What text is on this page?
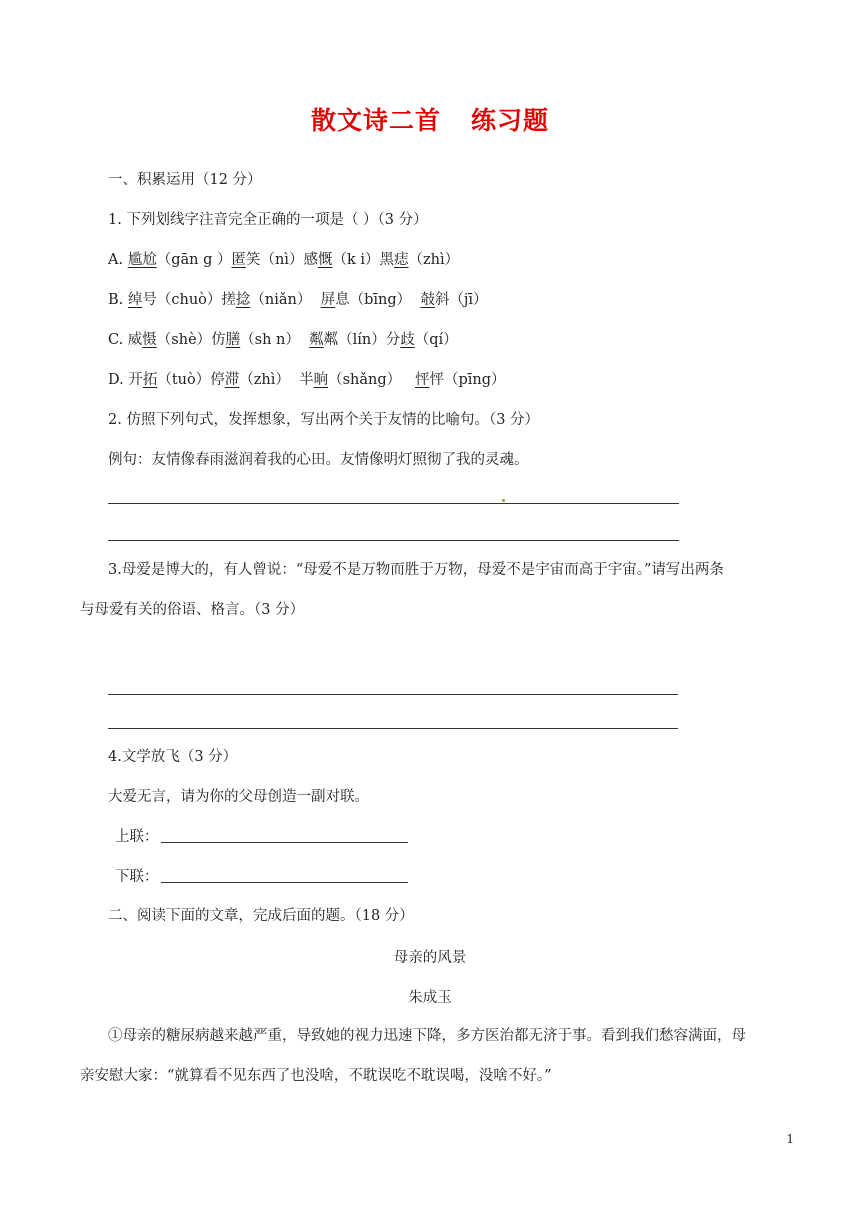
散文诗二首 练习题
一、积累运用（12 分）
1. 下列划线字注音完全正确的一项是（ ）（3 分）
A. 尴尬（gān g ）匿笑（nì）感慨（k i）黑痣（zhì）
B. 绰号（chuò）搓捻（niǎn）  屏息（bīng）  攲斜（jī）
C. 威慑（shè）仿膳（sh n）  粼粼（lín）分歧（qí）
D. 开拓（tuò）停滞（zhì）  半晌（shǎng）   怦怦（pīng）
2. 仿照下列句式，发挥想象，写出两个关于友情的比喻句。（3 分）
例句：友情像春雨滋润着我的心田。友情像明灯照彻了我的灵魂。
3.母爱是博大的，有人曾说：“母爱不是万物而胜于万物，母爱不是宇宙而高于宇宙。”请写出两条
与母爱有关的俗语、格言。（3 分）
4.文学放飞（3 分）
大爱无言，请为你的父母创造一副对联。
上联：
下联：
二、阅读下面的文章，完成后面的题。（18 分）
母亲的风景
朱成玉
①母亲的糖尿病越来越严重，导致她的视力迅速下降，多方医治都无济于事。看到我们愁容满面，母
亲安慰大家：“就算看不见东西了也没啥，不耽误吃不耽误喝，没啥不好。”
1
